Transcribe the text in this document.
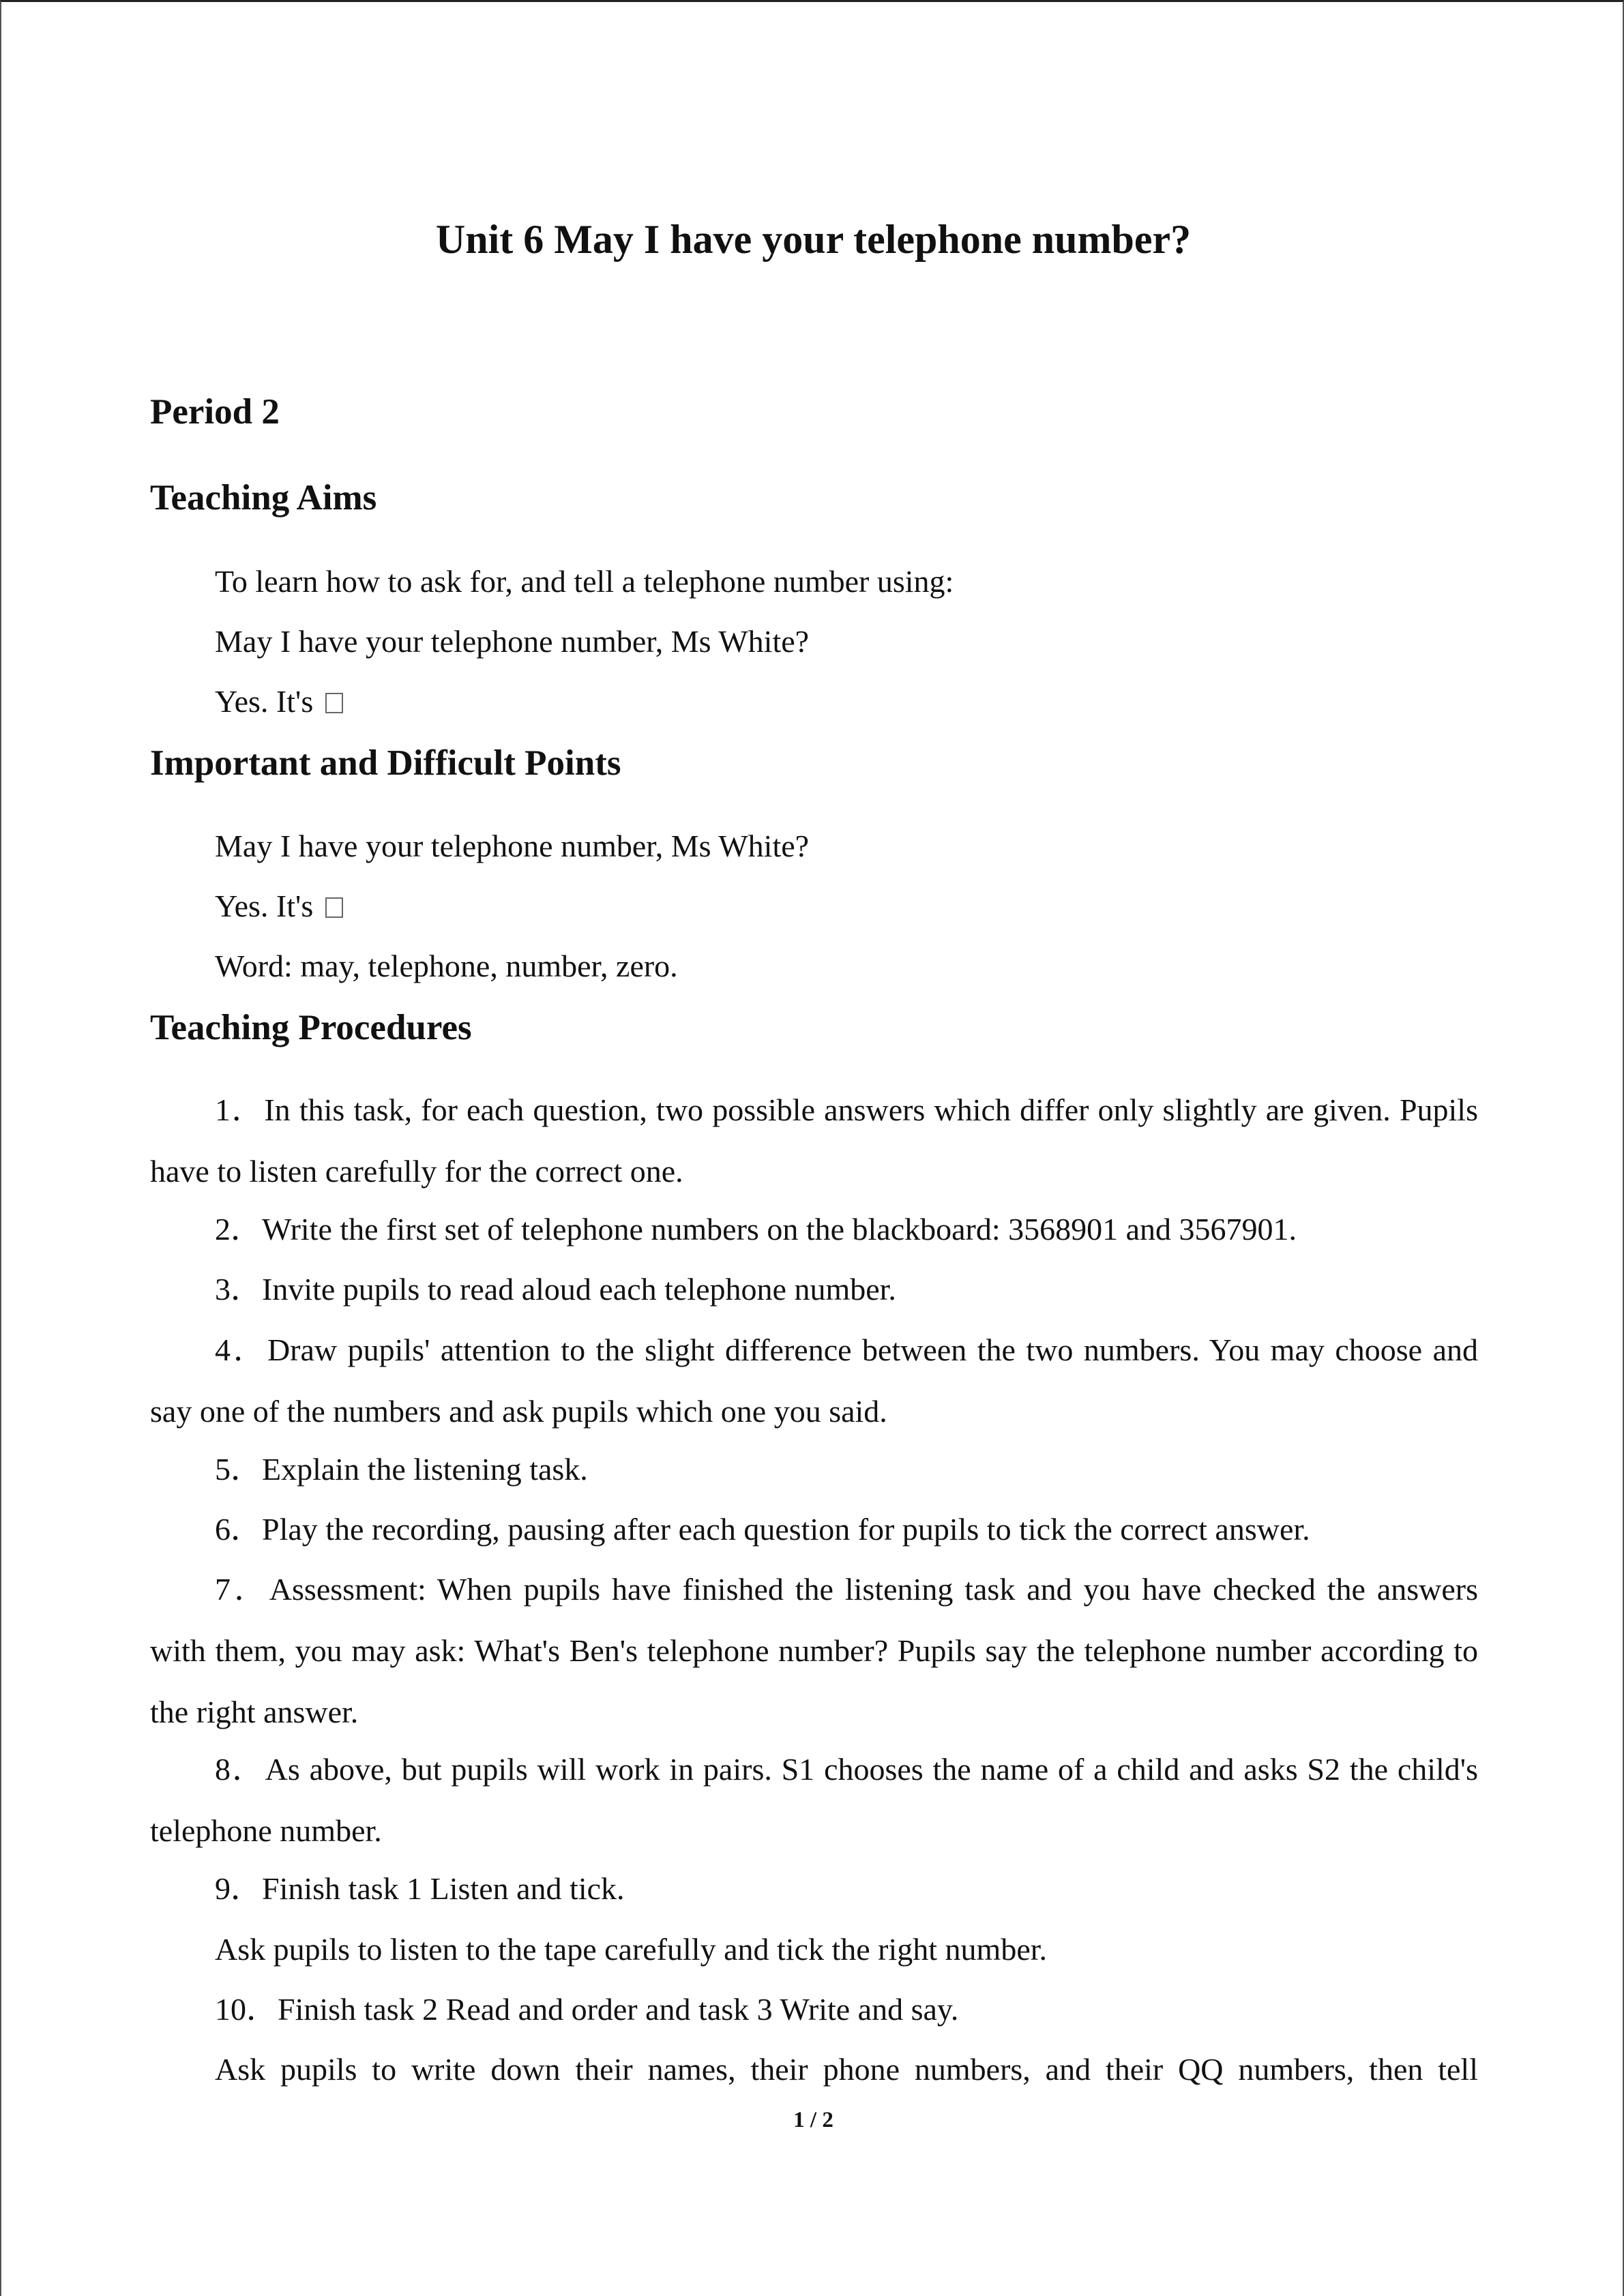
Unit 6 May I have your telephone number?
Period 2
Teaching Aims

To learn how to ask for, and tell a telephone number using:

May I have your telephone number, Ms White?

Yes. It's

Important and Difficult Points

May I have your telephone number, Ms White?

Yes. It's

Word: may, telephone, number, zero.

Teaching Procedures

1．In this task, for each question, two possible answers which differ only slightly are given. Pupils have to listen carefully for the correct one.

2．Write the first set of telephone numbers on the blackboard: 3568901 and 3567901.

3．Invite pupils to read aloud each telephone number.

4．Draw pupils' attention to the slight difference between the two numbers. You may choose and say one of the numbers and ask pupils which one you said.

5．Explain the listening task.

6．Play the recording, pausing after each question for pupils to tick the correct answer.

7．Assessment: When pupils have finished the listening task and you have checked the answers with them, you may ask: What's Ben's telephone number? Pupils say the telephone number according to the right answer.

8．As above, but pupils will work in pairs. S1 chooses the name of a child and asks S2 the child's telephone number.

9．Finish task 1 Listen and tick.

Ask pupils to listen to the tape carefully and tick the right number.

10．Finish task 2 Read and order and task 3 Write and say.

Ask pupils to write down their names, their phone numbers, and their QQ numbers, then tell

1 / 2
